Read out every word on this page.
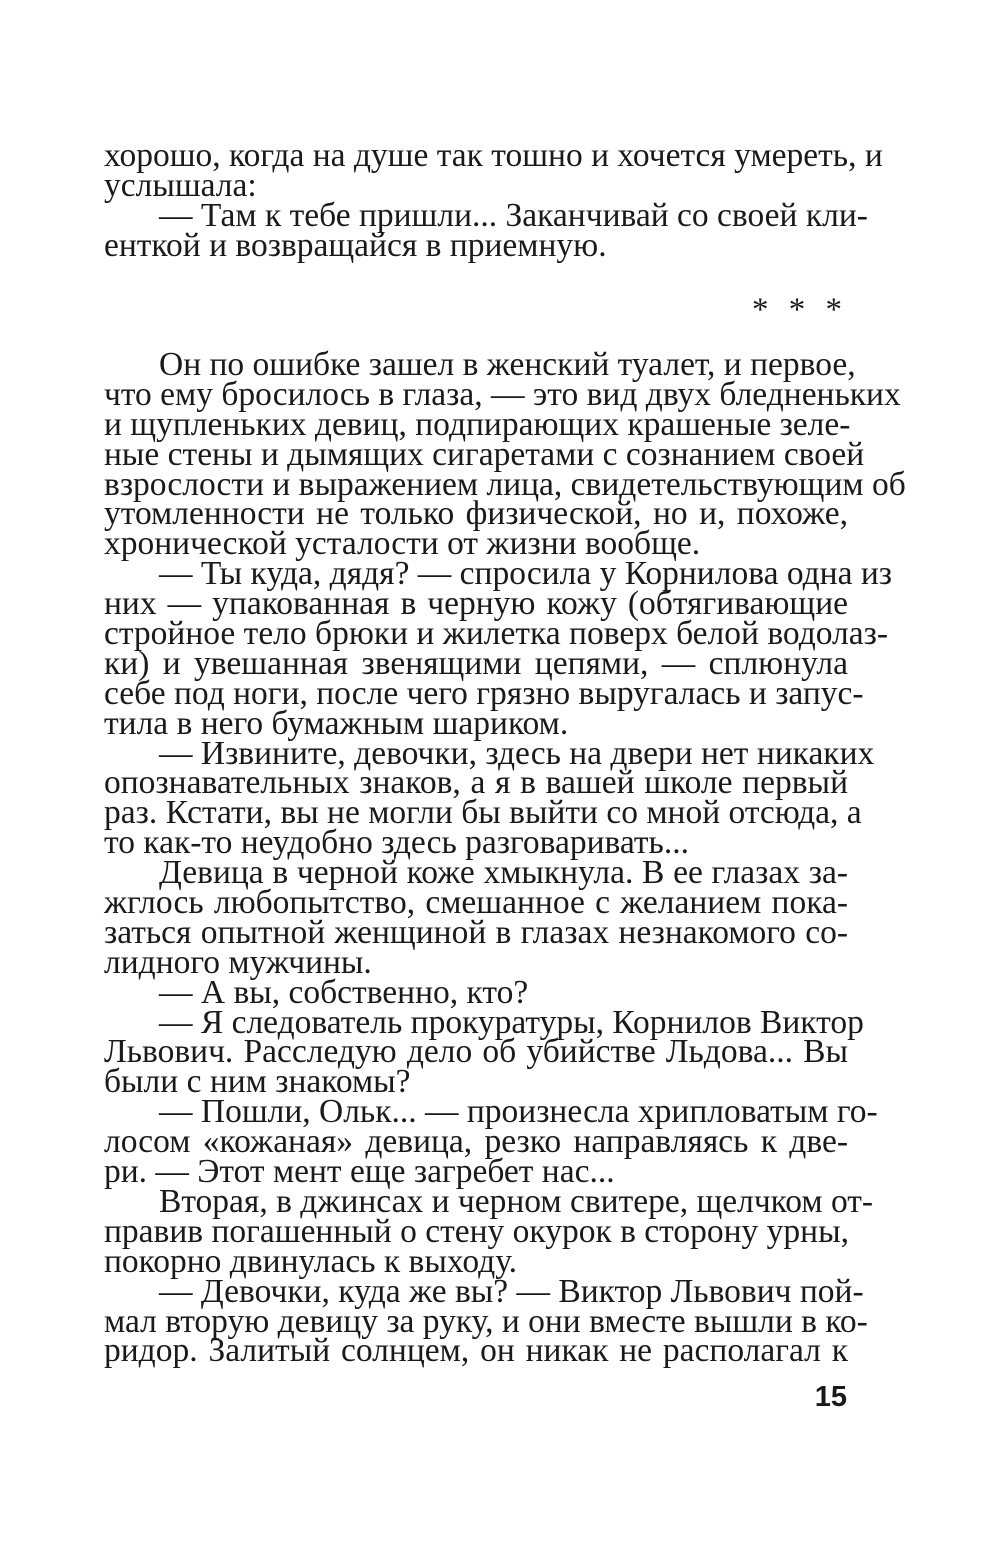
хорошо, когда на душе так тошно и хочется умереть, и
услышала:
— Там к тебе пришли... Заканчивай со своей кли-
енткой и возвращайся в приемную.
* * *
Он по ошибке зашел в женский туалет, и первое,
что ему бросилось в глаза, — это вид двух бледненьких
и щупленьких девиц, подпирающих крашеные зеле-
ные стены и дымящих сигаретами с сознанием своей
взрослости и выражением лица, свидетельствующим об
утомленности не только физической, но и, похоже,
хронической усталости от жизни вообще.
— Ты куда, дядя? — спросила у Корнилова одна из
них — упакованная в черную кожу (обтягивающие
стройное тело брюки и жилетка поверх белой водолаз-
ки) и увешанная звенящими цепями, — сплюнула
себе под ноги, после чего грязно выругалась и запус-
тила в него бумажным шариком.
— Извините, девочки, здесь на двери нет никаких
опознавательных знаков, а я в вашей школе первый
раз. Кстати, вы не могли бы выйти со мной отсюда, а
то как-то неудобно здесь разговаривать...
Девица в черной коже хмыкнула. В ее глазах за-
жглось любопытство, смешанное с желанием пока-
заться опытной женщиной в глазах незнакомого со-
лидного мужчины.
— А вы, собственно, кто?
— Я следователь прокуратуры, Корнилов Виктор
Львович. Расследую дело об убийстве Льдова... Вы
были с ним знакомы?
— Пошли, Ольк... — произнесла хрипловатым го-
лосом «кожаная» девица, резко направляясь к две-
ри. — Этот мент еще загребет нас...
Вторая, в джинсах и черном свитере, щелчком от-
правив погашенный о стену окурок в сторону урны,
покорно двинулась к выходу.
— Девочки, куда же вы? — Виктор Львович пой-
мал вторую девицу за руку, и они вместе вышли в ко-
ридор. Залитый солнцем, он никак не располагал к
15
